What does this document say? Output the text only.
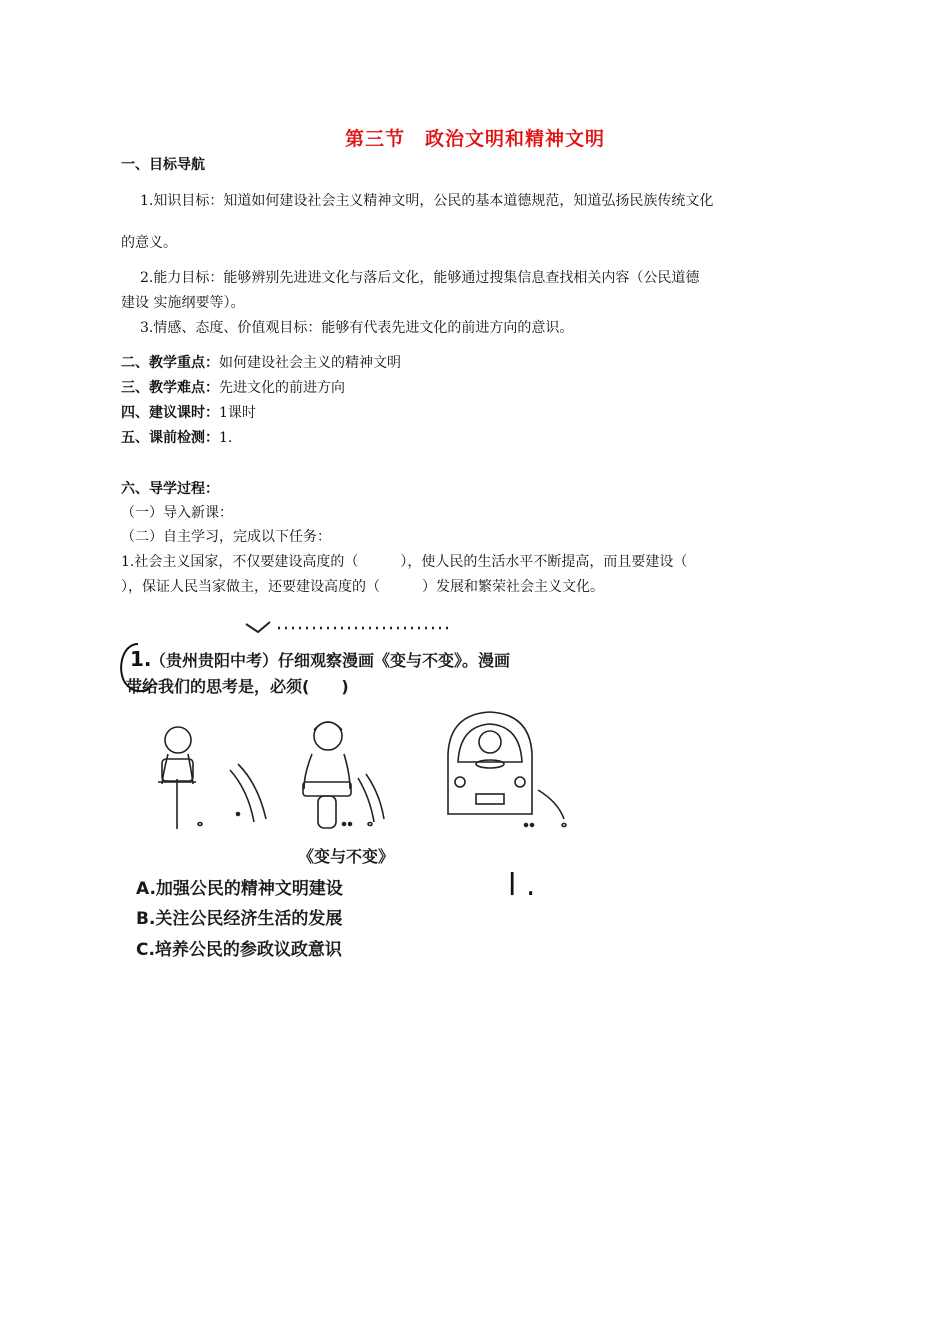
第三节　政治文明和精神文明
一、目标导航
1.知识目标：知道如何建设社会主义精神文明，公民的基本道德规范，知道弘扬民族传统文化
的意义。
2.能力目标：能够辨别先进进文化与落后文化，能够通过搜集信息查找相关内容（公民道德
建设 实施纲要等）。
3.情感、态度、价值观目标：能够有代表先进文化的前进方向的意识。
二、教学重点：如何建设社会主义的精神文明
三、教学难点：先进文化的前进方向
四、建议课时：1课时
五、课前检测：1.
六、导学过程：
（一）导入新课：
（二）自主学习，完成以下任务：
1.社会主义国家，不仅要建设高度的（　　　），使人民的生活水平不断提高，而且要建设（
），保证人民当家做主，还要建设高度的（　　　）发展和繁荣社会主义文化。
1.
（贵州贵阳中考）仔细观察漫画《变与不变》。漫画
带给我们的思考是，必须(　　)
《变与不变》
A.加强公民的精神文明建设
B.关注公民经济生活的发展
C.培养公民的参政议政意识
l .
